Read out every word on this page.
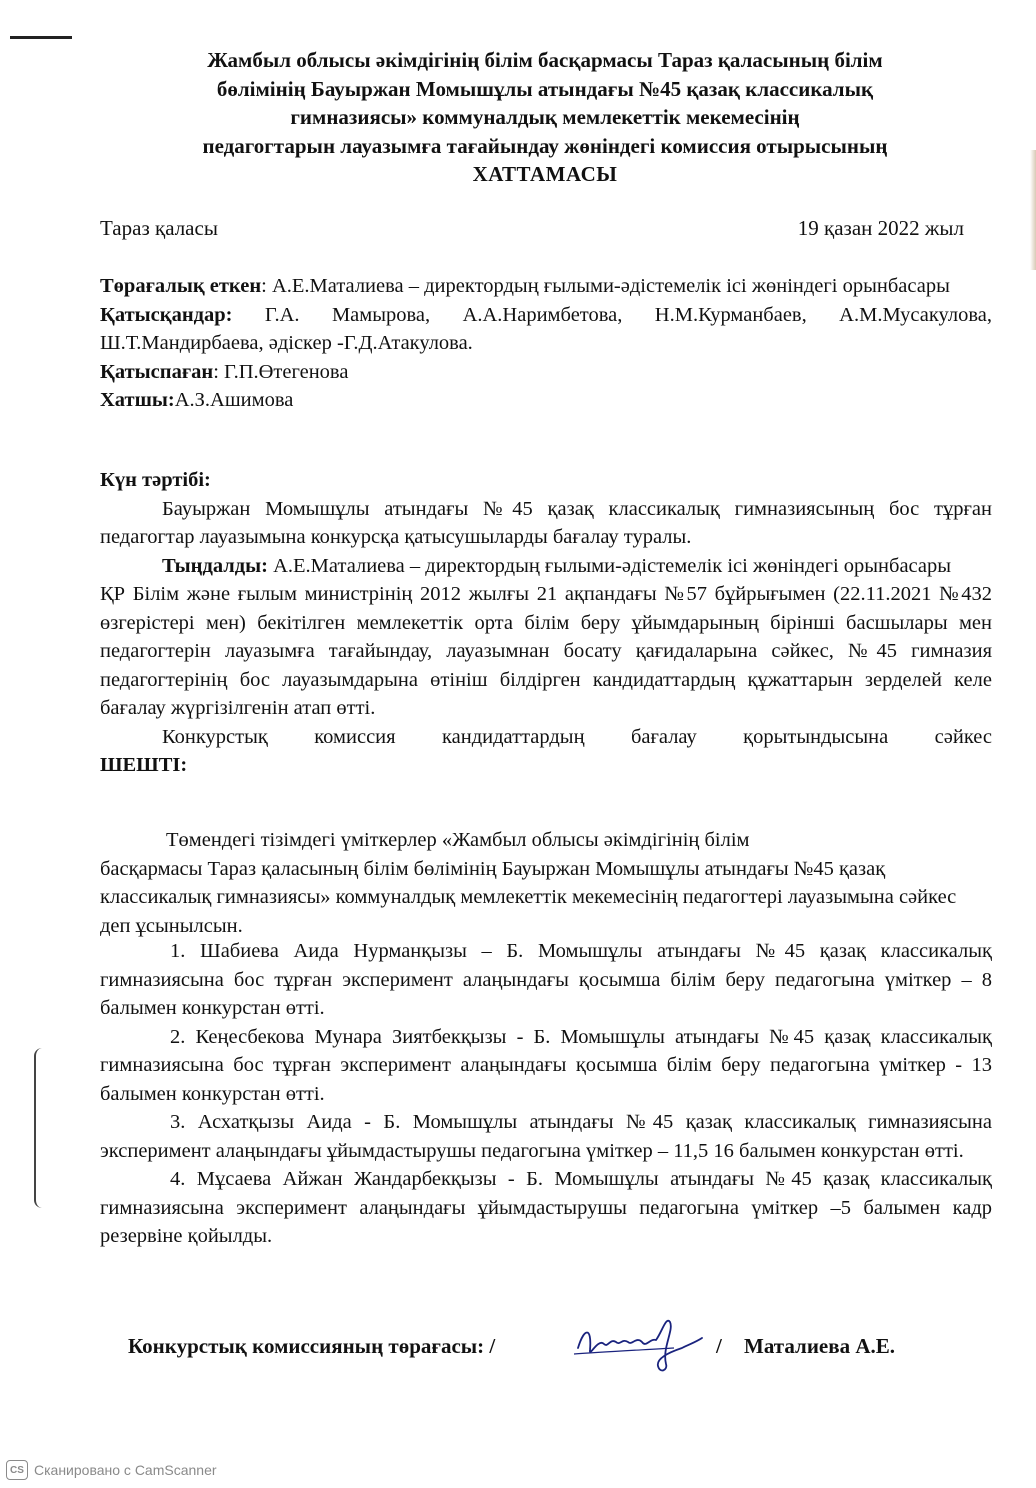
Жамбыл облысы әкімдігінің білім басқармасы Тараз қаласының білім
бөлімінің Бауыржан Момышұлы атындағы №45 қазақ классикалық
гимназиясы» коммуналдық мемлекеттік мекемесінің
педагогтарын лауазымға тағайындау жөніндегі комиссия отырысының
ХАТТАМАСЫ
Тараз қаласы	19 қазан 2022 жыл

Төрағалық еткен: А.Е.Маталиева – директордың ғылыми-әдістемелік ісі жөніндегі орынбасары

Қатысқандар: Г.А. Мамырова, А.А.Наримбетова, Н.М.Курманбаев, А.М.Мусакулова, Ш.Т.Мандирбаева, әдіскер -Г.Д.Атакулова.

Қатыспаған: Г.П.Өтегенова

Хатшы:А.З.Ашимова

Күн тәртібі:

Бауыржан Момышұлы атындағы №45 қазақ классикалық гимназиясының бос тұрған педагогтар лауазымына конкурсқа қатысушыларды бағалау туралы.

Тыңдалды: А.Е.Маталиева – директордың ғылыми-әдістемелік ісі жөніндегі орынбасары

ҚР Білім және ғылым министрінің 2012 жылғы 21 ақпандағы №57 бұйрығымен (22.11.2021 №432 өзгерістері мен) бекітілген мемлекеттік орта білім беру ұйымдарының бірінші басшылары мен педагогтерін лауазымға тағайындау, лауазымнан босату қағидаларына сәйкес, №45 гимназия педагогтерінің бос лауазымдарына өтініш білдірген кандидаттардың құжаттарын зерделей келе бағалау жүргізілгенін атап өтті.

Конкурстық комиссия кандидаттардың бағалау қорытындысына сәйкес

ШЕШТІ:

Төмендегі тізімдегі үміткерлер «Жамбыл облысы әкімдігінің білім

басқармасы Тараз қаласының білім бөлімінің Бауыржан Момышұлы атындағы №45 қазақ классикалық гимназиясы» коммуналдық мемлекеттік мекемесінің педагогтері лауазымына сәйкес деп ұсынылсын.

1. Шабиева Аида Нурманқызы – Б. Момышұлы атындағы №45 қазақ классикалық гимназиясына бос тұрған эксперимент алаңындағы қосымша білім беру педагогына үміткер – 8 балымен конкурстан өтті.

2. Кеңесбекова Мунара Зиятбекқызы - Б. Момышұлы атындағы №45 қазақ классикалық гимназиясына бос тұрған эксперимент алаңындағы қосымша білім беру педагогына үміткер - 13 балымен конкурстан өтті.

3. Асхатқызы Аида - Б. Момышұлы атындағы №45 қазақ классикалық гимназиясына эксперимент алаңындағы ұйымдастырушы педагогына үміткер – 11,5 16 балымен конкурстан өтті.

4. Мұсаева Айжан Жандарбекқызы - Б. Момышұлы атындағы №45 қазақ классикалық гимназиясына эксперимент алаңындағы ұйымдастырушы педагогына үміткер –5 балымен кадр резервіне қойылды.

Конкурстық комиссияның төрағасы: /	/ Маталиева А.Е.
CS Сканировано с CamScanner
